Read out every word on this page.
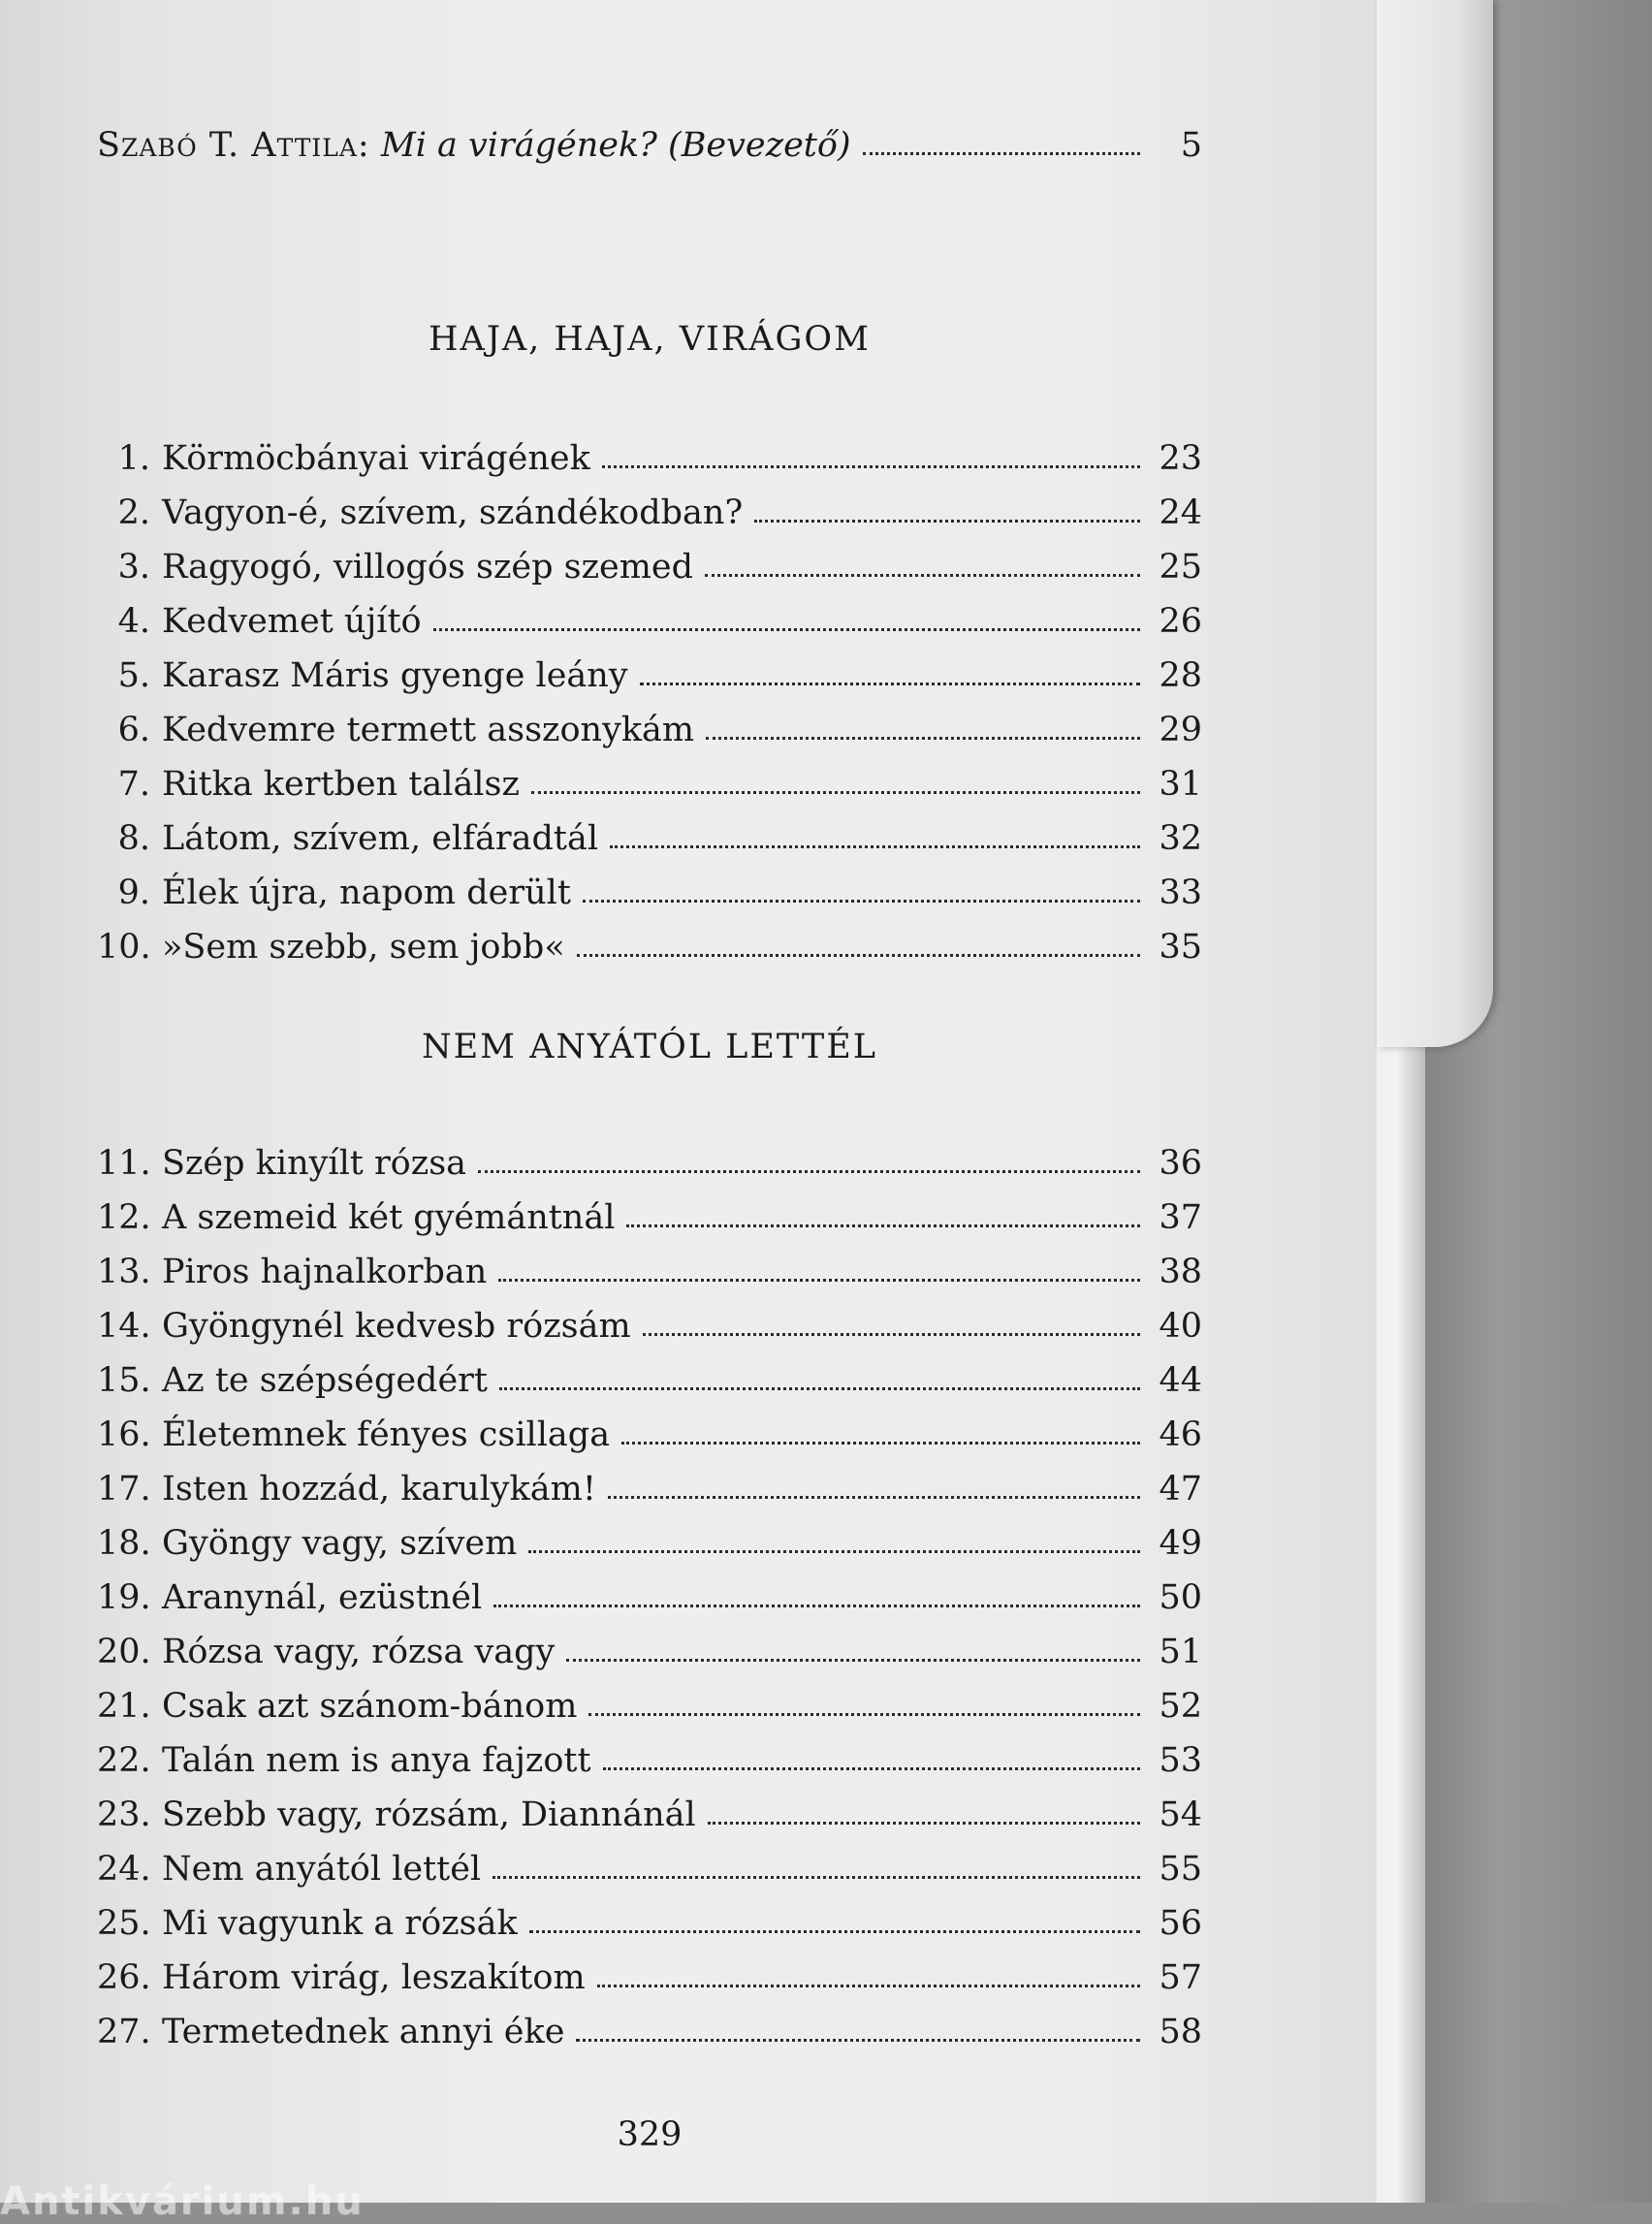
Szabó T. Attila: Mi a virágének? (Bevezető)	5
HAJA, HAJA, VIRÁGOM
1. Körmöcbányai virágének	23
2. Vagyon-é, szívem, szándékodban?	24
3. Ragyogó, villogós szép szemed	25
4. Kedvemet újító	26
5. Karasz Máris gyenge leány	28
6. Kedvemre termett asszonykám	29
7. Ritka kertben találsz	31
8. Látom, szívem, elfáradtál	32
9. Élek újra, napom derült	33
10. »Sem szebb, sem jobb«	35
NEM ANYÁTÓL LETTÉL
11. Szép kinyílt rózsa	36
12. A szemeid két gyémántnál	37
13. Piros hajnalkorban	38
14. Gyöngynél kedvesb rózsám	40
15. Az te szépségedért	44
16. Életemnek fényes csillaga	46
17. Isten hozzád, karulykám!	47
18. Gyöngy vagy, szívem	49
19. Aranynál, ezüstnél	50
20. Rózsa vagy, rózsa vagy	51
21. Csak azt szánom-bánom	52
22. Talán nem is anya fajzott	53
23. Szebb vagy, rózsám, Diannánál	54
24. Nem anyától lettél	55
25. Mi vagyunk a rózsák	56
26. Három virág, leszakítom	57
27. Termetednek annyi éke	58
329
Antikvárium.hu
